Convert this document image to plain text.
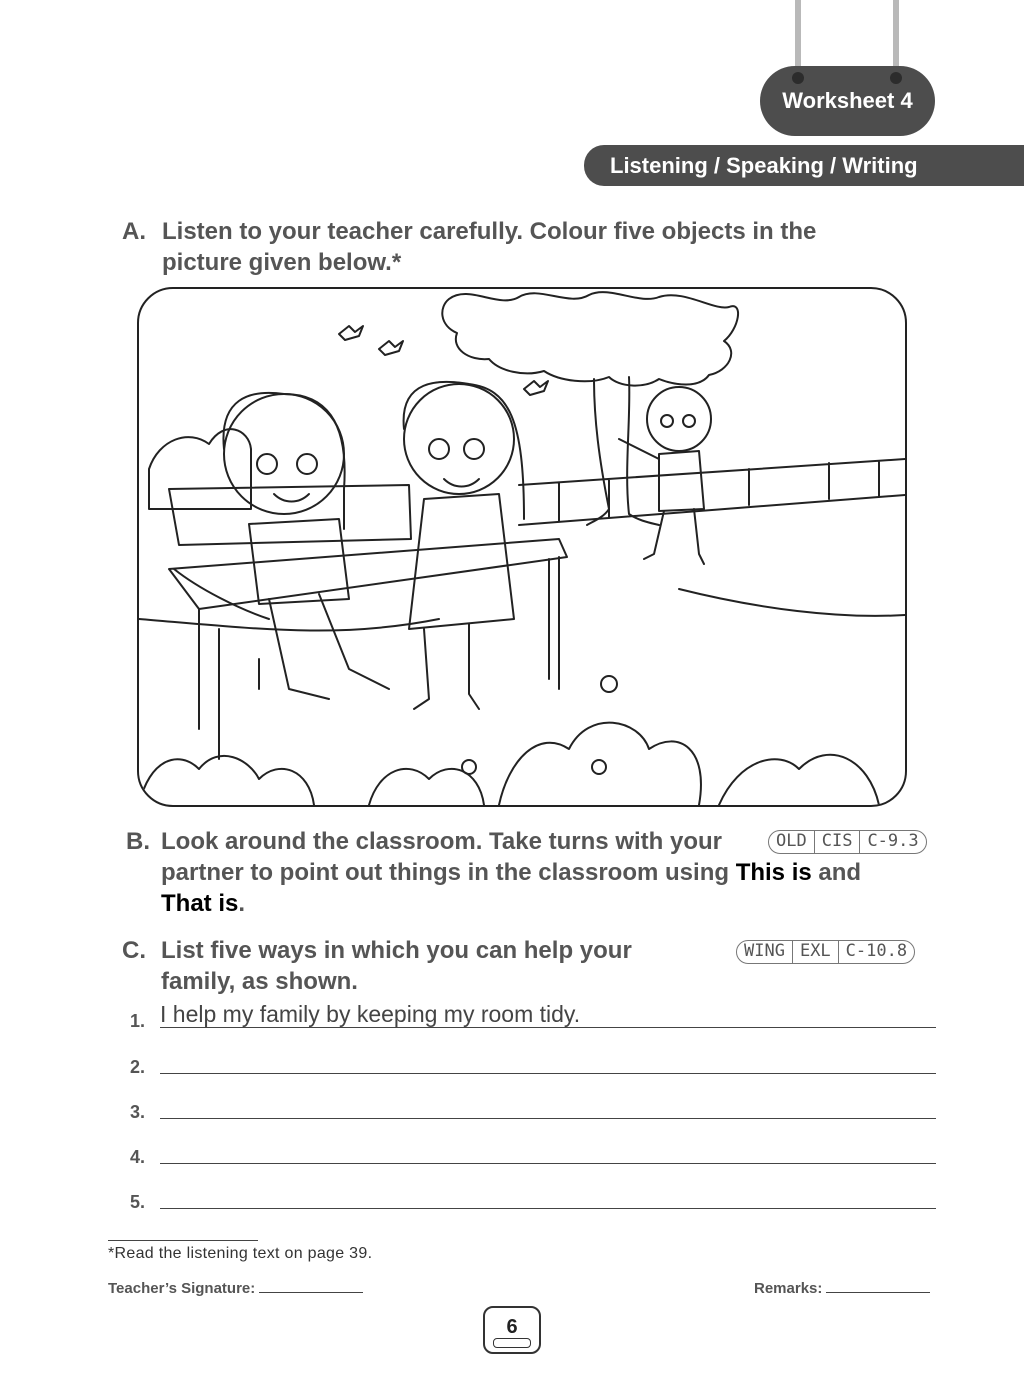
Worksheet 4
Listening / Speaking / Writing
A. Listen to your teacher carefully. Colour five objects in the
picture given below.*
B. Look around the classroom. Take turns with your
partner to point out things in the classroom using This is and
That is.
OLD CIS C-9.3
C. List five ways in which you can help your
family, as shown.
WING EXL C-10.8
1. I help my family by keeping my room tidy.
2.
3.
4.
5.
*Read the listening text on page 39.
Teacher’s Signature:	Remarks:
6
